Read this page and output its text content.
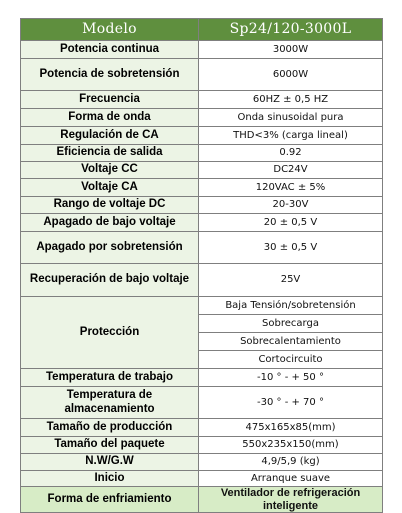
Modelo	Sp24/120-3000L
Potencia continua	3000W
Potencia de sobretensión	6000W
Frecuencia	60HZ ± 0,5 HZ
Forma de onda	Onda sinusoidal pura
Regulación de CA	THD<3% (carga lineal)
Eficiencia de salida	0.92
Voltaje CC	DC24V
Voltaje CA	120VAC ± 5%
Rango de voltaje DC	20-30V
Apagado de bajo voltaje	20 ± 0,5 V
Apagado por sobretensión	30 ± 0,5 V
Recuperación de bajo voltaje	25V
Protección	Baja Tensión/sobretensión
	Sobrecarga
	Sobrecalentamiento
	Cortocircuito
Temperatura de trabajo	-10 ° - + 50 °
Temperatura de almacenamiento	-30 ° - + 70 °
Tamaño de producción	475x165x85(mm)
Tamaño del paquete	550x235x150(mm)
N.W/G.W	4,9/5,9 (kg)
Inicio	Arranque suave
Forma de enfriamiento	Ventilador de refrigeración inteligente
